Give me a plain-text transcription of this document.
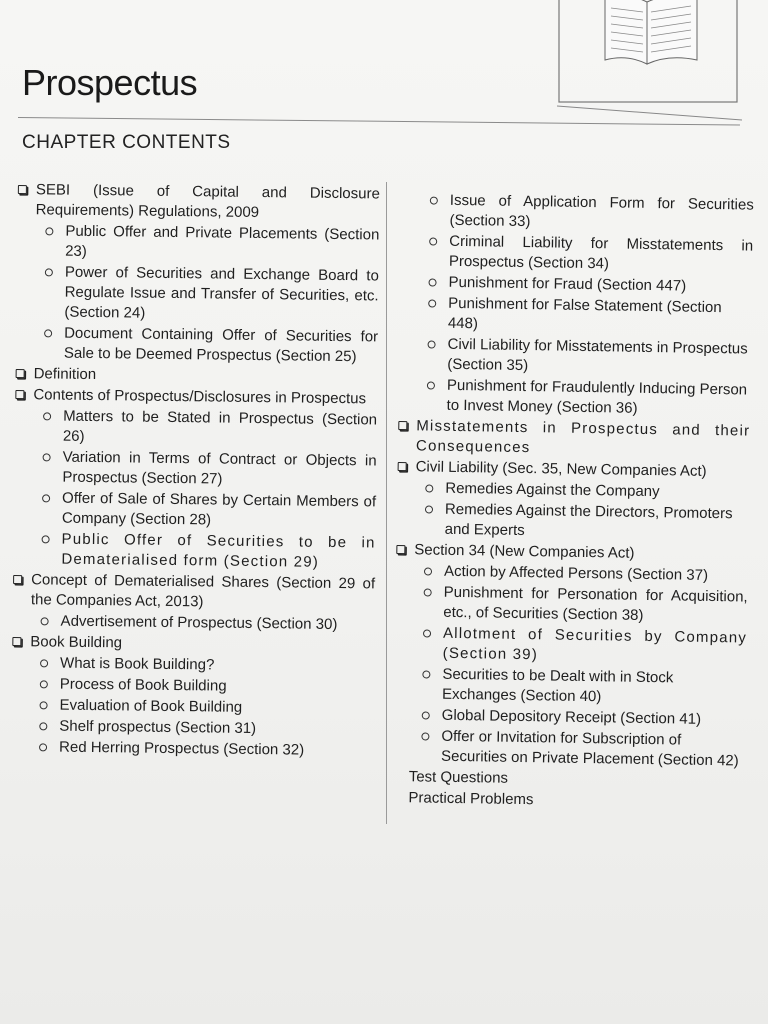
Prospectus
CHAPTER CONTENTS
SEBI (Issue of Capital and Disclosure Requirements) Regulations, 2009
Public Offer and Private Placements (Section 23)
Power of Securities and Exchange Board to Regulate Issue and Transfer of Securities, etc. (Section 24)
Document Containing Offer of Securities for Sale to be Deemed Prospectus (Section 25)
Definition
Contents of Prospectus/Disclosures in Prospectus
Matters to be Stated in Prospectus (Section 26)
Variation in Terms of Contract or Objects in Prospectus (Section 27)
Offer of Sale of Shares by Certain Members of Company (Section 28)
Public Offer of Securities to be in Dematerialised form (Section 29)
Concept of Dematerialised Shares (Section 29 of the Companies Act, 2013)
Advertisement of Prospectus (Section 30)
Book Building
What is Book Building?
Process of Book Building
Evaluation of Book Building
Shelf prospectus (Section 31)
Red Herring Prospectus (Section 32)
Issue of Application Form for Securities (Section 33)
Criminal Liability for Misstatements in Prospectus (Section 34)
Punishment for Fraud (Section 447)
Punishment for False Statement (Section 448)
Civil Liability for Misstatements in Prospectus (Section 35)
Punishment for Fraudulently Inducing Person to Invest Money (Section 36)
Misstatements in Prospectus and their Consequences
Civil Liability (Sec. 35, New Companies Act)
Remedies Against the Company
Remedies Against the Directors, Promoters and Experts
Section 34 (New Companies Act)
Action by Affected Persons (Section 37)
Punishment for Personation for Acquisition, etc., of Securities (Section 38)
Allotment of Securities by Company (Section 39)
Securities to be Dealt with in Stock Exchanges (Section 40)
Global Depository Receipt (Section 41)
Offer or Invitation for Subscription of Securities on Private Placement (Section 42)
Test Questions
Practical Problems
